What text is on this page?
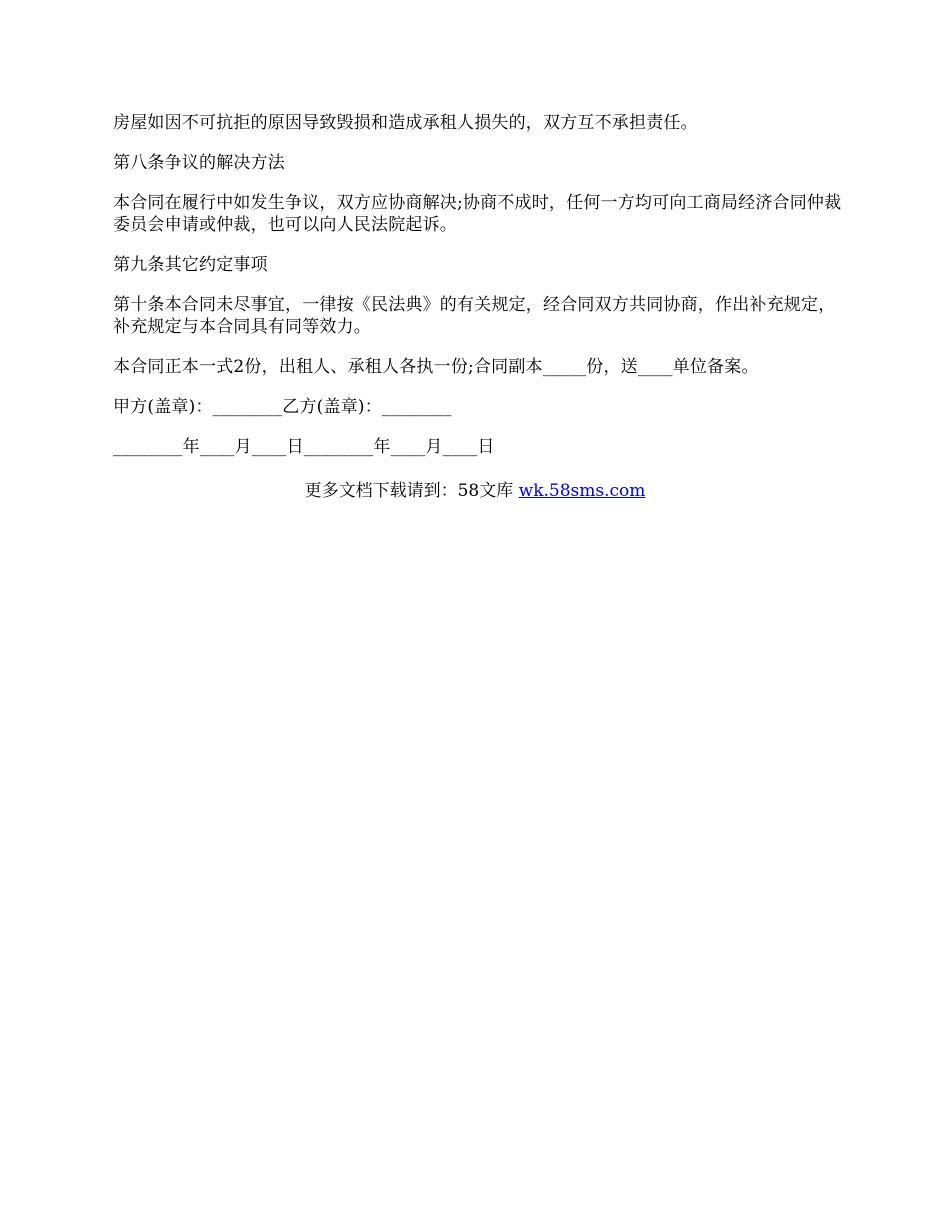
房屋如因不可抗拒的原因导致毁损和造成承租人损失的，双方互不承担责任。

第八条争议的解决方法

本合同在履行中如发生争议，双方应协商解决;协商不成时，任何一方均可向工商局经济合同仲裁委员会申请或仲裁，也可以向人民法院起诉。

第九条其它约定事项

第十条本合同未尽事宜，一律按《民法典》的有关规定，经合同双方共同协商，作出补充规定，补充规定与本合同具有同等效力。

本合同正本一式2份，出租人、承租人各执一份;合同副本_____份，送____单位备案。

甲方(盖章)：________乙方(盖章)：________

________年____月____日________年____月____日

更多文档下载请到：58文库 wk.58sms.com
